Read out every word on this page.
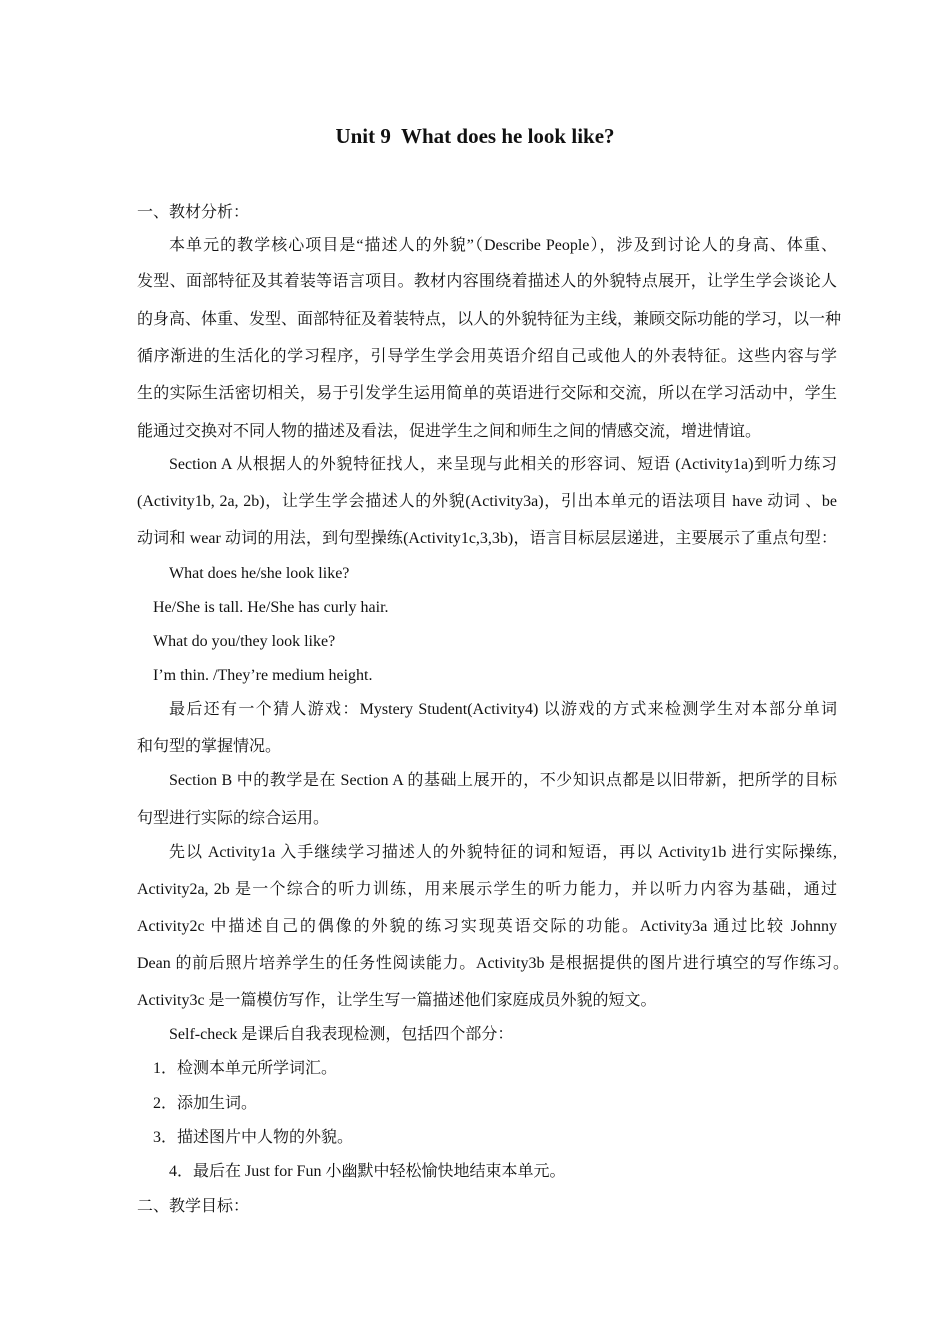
Unit 9  What does he look like?
一、教材分析：
本单元的教学核心项目是“描述人的外貌”（Describe People），涉及到讨论人的身高、体重、
发型、面部特征及其着装等语言项目。教材内容围绕着描述人的外貌特点展开，让学生学会谈论人
的身高、体重、发型、面部特征及着装特点，以人的外貌特征为主线，兼顾交际功能的学习，以一种
循序渐进的生活化的学习程序，引导学生学会用英语介绍自己或他人的外表特征。这些内容与学
生的实际生活密切相关，易于引发学生运用简单的英语进行交际和交流，所以在学习活动中，学生
能通过交换对不同人物的描述及看法，促进学生之间和师生之间的情感交流，增进情谊。
Section A 从根据人的外貌特征找人，来呈现与此相关的形容词、短语 (Activity1a)到听力练习
(Activity1b, 2a, 2b)，让学生学会描述人的外貌(Activity3a)，引出本单元的语法项目 have 动词 、be
动词和 wear 动词的用法，到句型操练(Activity1c,3,3b)，语言目标层层递进，主要展示了重点句型：
What does he/she look like?
He/She is tall. He/She has curly hair.
What do you/they look like?
I’m thin. /They’re medium height.
最后还有一个猜人游戏：Mystery Student(Activity4) 以游戏的方式来检测学生对本部分单词
和句型的掌握情况。
Section B 中的教学是在 Section A 的基础上展开的，不少知识点都是以旧带新，把所学的目标
句型进行实际的综合运用。
先以 Activity1a 入手继续学习描述人的外貌特征的词和短语，再以 Activity1b 进行实际操练,
Activity2a, 2b 是一个综合的听力训练，用来展示学生的听力能力，并以听力内容为基础，通过
Activity2c 中描述自己的偶像的外貌的练习实现英语交际的功能。Activity3a 通过比较 Johnny
Dean 的前后照片培养学生的任务性阅读能力。Activity3b 是根据提供的图片进行填空的写作练习。
Activity3c 是一篇模仿写作，让学生写一篇描述他们家庭成员外貌的短文。
Self-check 是课后自我表现检测，包括四个部分：
1．检测本单元所学词汇。
2．添加生词。
3．描述图片中人物的外貌。
4．最后在 Just for Fun 小幽默中轻松愉快地结束本单元。
二、教学目标：
